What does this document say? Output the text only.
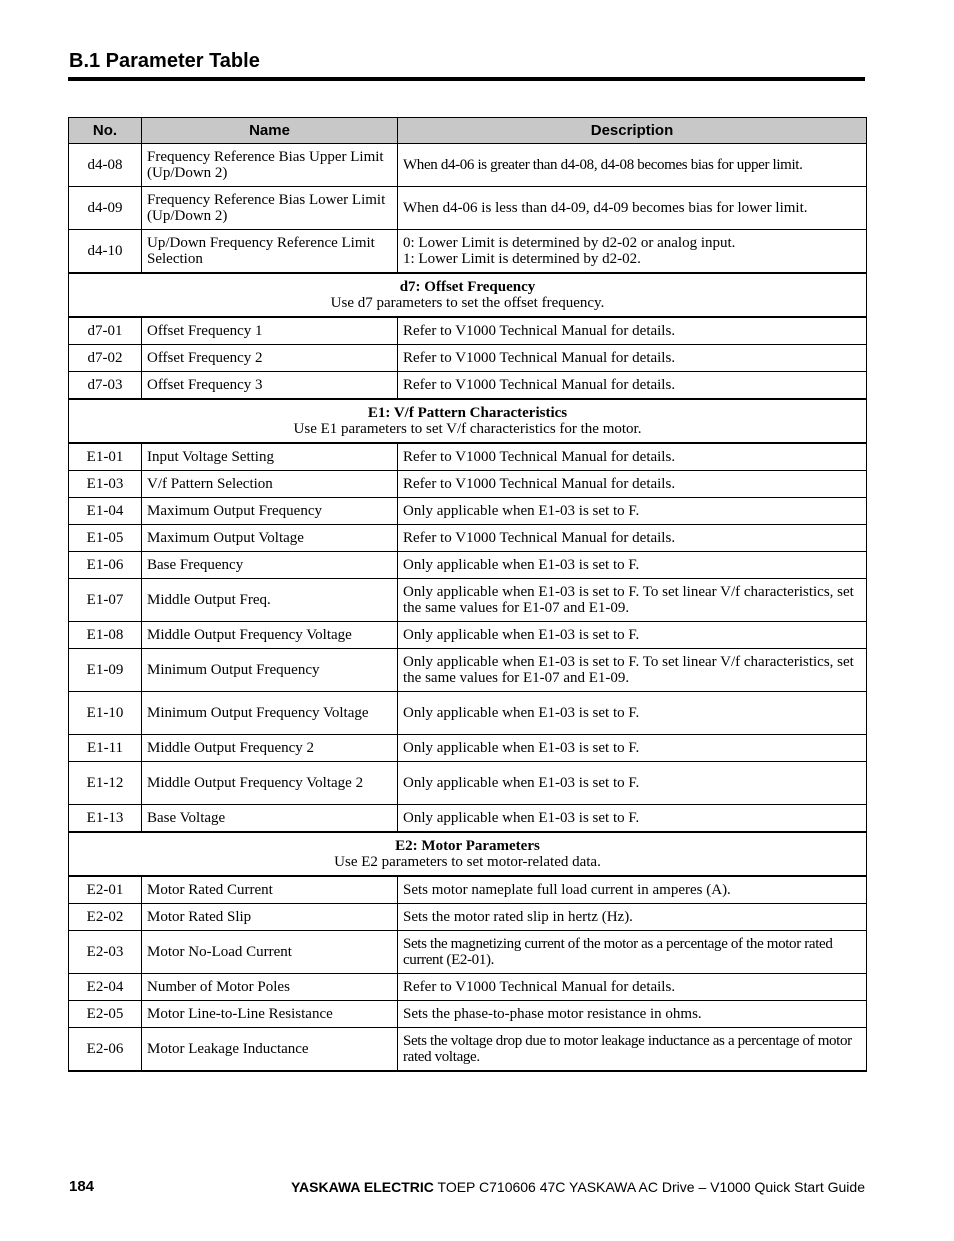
B.1 Parameter Table
No.	Name	Description
d4-08	Frequency Reference Bias Upper Limit (Up/Down 2)	When d4-06 is greater than d4-08, d4-08 becomes bias for upper limit.
d4-09	Frequency Reference Bias Lower Limit (Up/Down 2)	When d4-06 is less than d4-09, d4-09 becomes bias for lower limit.
d4-10	Up/Down Frequency Reference Limit Selection	0: Lower Limit is determined by d2-02 or analog input.
1: Lower Limit is determined by d2-02.

d7: Offset Frequency
Use d7 parameters to set the offset frequency.		

d7-01	Offset Frequency 1	Refer to V1000 Technical Manual for details.
d7-02	Offset Frequency 2	Refer to V1000 Technical Manual for details.
d7-03	Offset Frequency 3	Refer to V1000 Technical Manual for details.

E1: V/f Pattern Characteristics
Use E1 parameters to set V/f characteristics for the motor.		

E1-01	Input Voltage Setting	Refer to V1000 Technical Manual for details.
E1-03	V/f Pattern Selection	Refer to V1000 Technical Manual for details.
E1-04	Maximum Output Frequency	Only applicable when E1-03 is set to F.
E1-05	Maximum Output Voltage	Refer to V1000 Technical Manual for details.
E1-06	Base Frequency	Only applicable when E1-03 is set to F.
E1-07	Middle Output Freq.	Only applicable when E1-03 is set to F. To set linear V/f characteristics, set the same values for E1-07 and E1-09.
E1-08	Middle Output Frequency Voltage	Only applicable when E1-03 is set to F.
E1-09	Minimum Output Frequency	Only applicable when E1-03 is set to F. To set linear V/f characteristics, set the same values for E1-07 and E1-09.
E1-10	Minimum Output Frequency Voltage	Only applicable when E1-03 is set to F.
E1-11	Middle Output Frequency 2	Only applicable when E1-03 is set to F.
E1-12	Middle Output Frequency Voltage 2	Only applicable when E1-03 is set to F.
E1-13	Base Voltage	Only applicable when E1-03 is set to F.

E2: Motor Parameters
Use E2 parameters to set motor-related data.		

E2-01	Motor Rated Current	Sets motor nameplate full load current in amperes (A).
E2-02	Motor Rated Slip	Sets the motor rated slip in hertz (Hz).
E2-03	Motor No-Load Current	Sets the magnetizing current of the motor as a percentage of the motor rated current (E2-01).
E2-04	Number of Motor Poles	Refer to V1000 Technical Manual for details.
E2-05	Motor Line-to-Line Resistance	Sets the phase-to-phase motor resistance in ohms.
E2-06	Motor Leakage Inductance	Sets the voltage drop due to motor leakage inductance as a percentage of motor rated voltage.
184	YASKAWA ELECTRIC TOEP C710606 47C YASKAWA AC Drive – V1000 Quick Start Guide
